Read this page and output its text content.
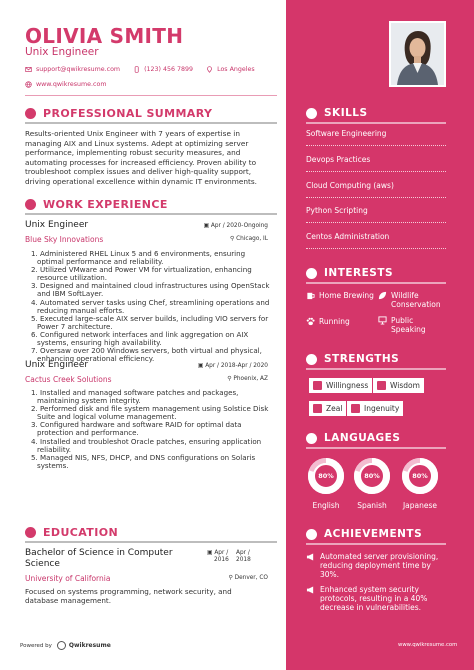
OLIVIA SMITH
Unix Engineer
support@qwikresume.com	(123) 456 7899	Los Angeles
www.qwikresume.com
PROFESSIONAL SUMMARY
Results-oriented Unix Engineer with 7 years of expertise in managing AIX and Linux systems. Adept at optimizing server performance, implementing robust security measures, and automating processes for increased efficiency. Proven ability to troubleshoot complex issues and deliver high-quality support, driving operational excellence within dynamic IT environments.
WORK EXPERIENCE
Unix Engineer	▣ Apr / 2020-Ongoing
Blue Sky Innovations	⚲ Chicago, IL
1. Administered RHEL Linux 5 and 6 environments, ensuring optimal performance and reliability.
2. Utilized VMware and Power VM for virtualization, enhancing resource utilization.
3. Designed and maintained cloud infrastructures using OpenStack and IBM SoftLayer.
4. Automated server tasks using Chef, streamlining operations and reducing manual efforts.
5. Executed large-scale AIX server builds, including VIO servers for Power 7 architecture.
6. Configured network interfaces and link aggregation on AIX systems, ensuring high availability.
7. Oversaw over 200 Windows servers, both virtual and physical, enhancing operational efficiency.
Unix Engineer	▣ Apr / 2018-Apr / 2020
Cactus Creek Solutions	⚲ Phoenix, AZ
1. Installed and managed software patches and packages, maintaining system integrity.
2. Performed disk and file system management using Solstice Disk Suite and logical volume management.
3. Configured hardware and software RAID for optimal data protection and performance.
4. Installed and troubleshot Oracle patches, ensuring application reliability.
5. Managed NIS, NFS, DHCP, and DNS configurations on Solaris systems.
EDUCATION
Bachelor of Science in Computer
Science
▣ Apr /
2016
Apr /
2018
University of California	⚲ Denver, CO
Focused on systems programming, network security, and database management.
Powered by	Qwikresume	www.qwikresume.com
SKILLS
Software Engineering
Devops Practices
Cloud Computing (aws)
Python Scripting
Centos Administration
INTERESTS
Home Brewing Wildlife
Conservation
Running	Public
Speaking
STRENGTHS
Willingness	Wisdom
Zeal	Ingenuity
LANGUAGES
80%
English
80%
Spanish
80%
Japanese
ACHIEVEMENTS
Automated server provisioning, reducing deployment time by 30%.
Enhanced system security protocols, resulting in a 40% decrease in vulnerabilities.
